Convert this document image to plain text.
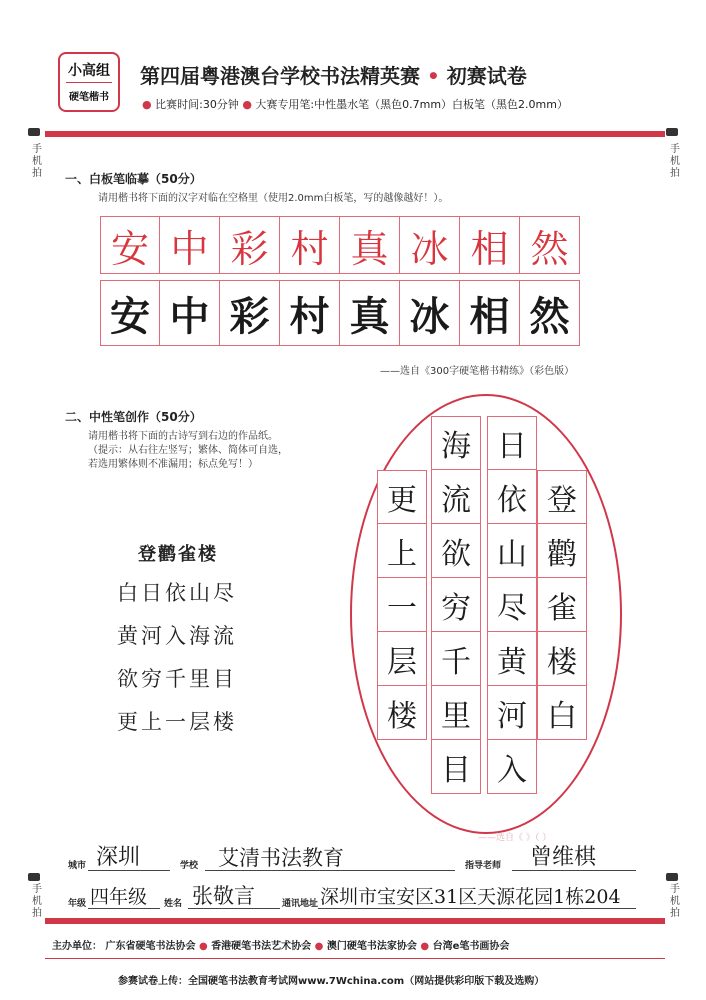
小高组
硬笔楷书
第四届粤港澳台学校书法精英赛 • 初赛试卷
● 比赛时间:30分钟 ● 大赛专用笔:中性墨水笔（黑色0.7mm）白板笔（黑色2.0mm）
手机拍
手机拍
一、白板笔临摹（50分）
请用楷书将下面的汉字对临在空格里（使用2.0mm白板笔，写的越像越好！）。
安 中 彩 村 真 冰 相 然
安 中 彩 村 真 冰 相 然
——选自《300字硬笔楷书精练》（彩色版）
二、中性笔创作（50分）
请用楷书将下面的古诗写到右边的作品纸。
（提示：从右往左竖写；繁体、简体可自选，
若选用繁体则不准漏用；标点免写！）
登鹳雀楼
白日依山尽
黄河入海流
欲穷千里目
更上一层楼
登
鹳
雀
楼
白
日
依
山
尽
黄
河
入
海
流
欲
穷
千
里
目
更
上
一
层
楼
——选自《 》（ ）
城市 深圳	学校 艾清书法教育	指导老师 曾维棋
年级 四年级 姓名 张敬言	通讯地址 深圳市宝安区31区天源花园1栋204
手机拍
手机拍
主办单位： 广东省硬笔书法协会 ● 香港硬笔书法艺术协会 ● 澳门硬笔书法家协会 ● 台湾e笔书画协会
参赛试卷上传：全国硬笔书法教育考试网www.7Wchina.com（网站提供彩印版下载及选购）
